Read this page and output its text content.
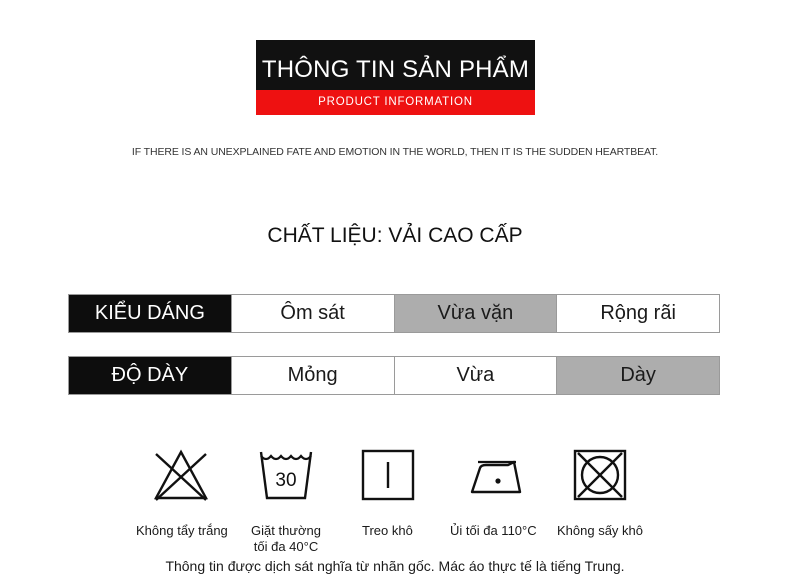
THÔNG TIN SẢN PHẨM
PRODUCT INFORMATION
IF THERE IS AN UNEXPLAINED FATE AND EMOTION IN THE WORLD, THEN IT IS THE SUDDEN HEARTBEAT.
CHẤT LIỆU: VẢI CAO CẤP
KIỂU DÁNG	Ôm sát	Vừa vặn	Rộng rãi
ĐỘ DÀY	Mỏng	Vừa	Dày
30
Không tẩy trắng	Giặt thường
tối đa 40°C
Treo khô	Ủi tối đa 110°C Không sấy khô
Thông tin được dịch sát nghĩa từ nhãn gốc. Mác áo thực tế là tiếng Trung.
